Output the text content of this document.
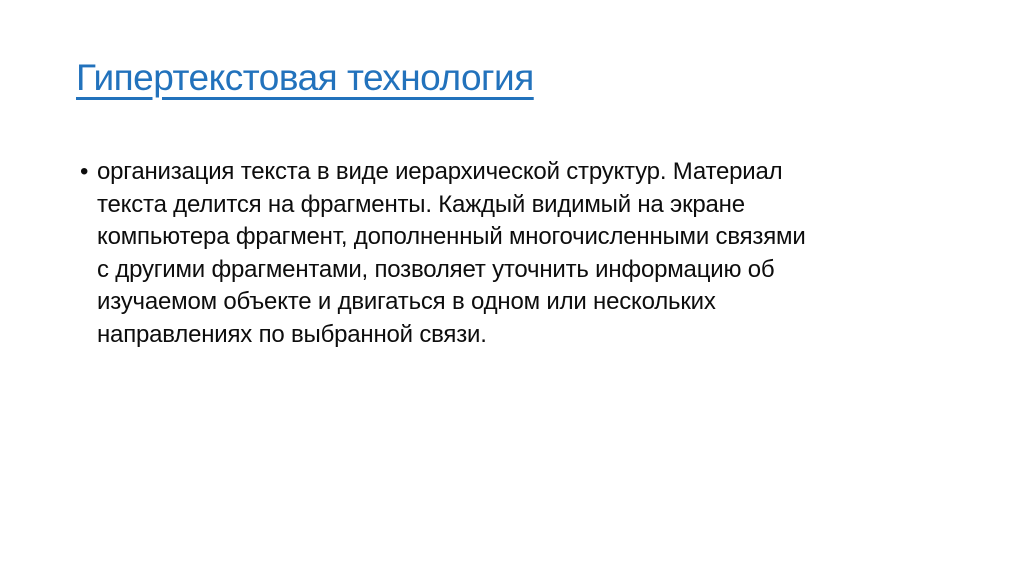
Гипертекстовая технология
• организация текста в виде иерархической структур. Материал
текста делится на фрагменты. Каждый видимый на экране
компьютера фрагмент, дополненный многочисленными связями
с другими фрагментами, позволяет уточнить информацию об
изучаемом объекте и двигаться в одном или нескольких
направлениях по выбранной связи.
